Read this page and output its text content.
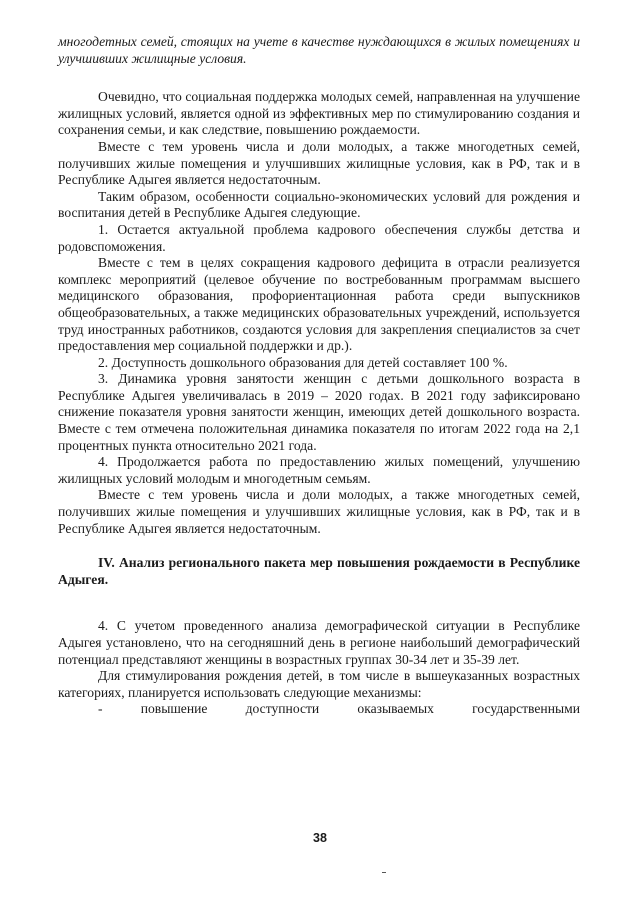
многодетных семей, стоящих на учете в качестве нуждающихся в жилых помещениях и улучшивших жилищные условия.

Очевидно, что социальная поддержка молодых семей, направленная на улучшение жилищных условий, является одной из эффективных мер по стимулированию создания и сохранения семьи, и как следствие, повышению рождаемости.

Вместе с тем уровень числа и доли молодых, а также многодетных семей, получивших жилые помещения и улучшивших жилищные условия, как в РФ, так и в Республике Адыгея является недостаточным.

Таким образом, особенности социально-экономических условий для рождения и воспитания детей в Республике Адыгея следующие.

1. Остается актуальной проблема кадрового обеспечения службы детства и родовспоможения.

Вместе с тем в целях сокращения кадрового дефицита в отрасли реализуется комплекс мероприятий (целевое обучение по востребованным программам высшего медицинского образования, профориентационная работа среди выпускников общеобразовательных, а также медицинских образовательных учреждений, используется труд иностранных работников, создаются условия для закрепления специалистов за счет предоставления мер социальной поддержки и др.).

2. Доступность дошкольного образования для детей составляет 100 %.

3. Динамика уровня занятости женщин с детьми дошкольного возраста в Республике Адыгея увеличивалась в 2019 – 2020 годах. В 2021 году зафиксировано снижение показателя уровня занятости женщин, имеющих детей дошкольного возраста. Вместе с тем отмечена положительная динамика показателя по итогам 2022 года на 2,1 процентных пункта относительно 2021 года.

4. Продолжается работа по предоставлению жилых помещений, улучшению жилищных условий молодым и многодетным семьям.

Вместе с тем уровень числа и доли молодых, а также многодетных семей, получивших жилые помещения и улучшивших жилищные условия, как в РФ, так и в Республике Адыгея является недостаточным.

IV. Анализ регионального пакета мер повышения рождаемости в Республике Адыгея.

4. С учетом проведенного анализа демографической ситуации в Республике Адыгея установлено, что на сегодняшний день в регионе наибольший демографический потенциал представляют женщины в возрастных группах 30-34 лет и 35-39 лет.

Для стимулирования рождения детей, в том числе в вышеуказанных возрастных категориях, планируется использовать следующие механизмы:

-	повышение	доступности	оказываемых	государственными
38
